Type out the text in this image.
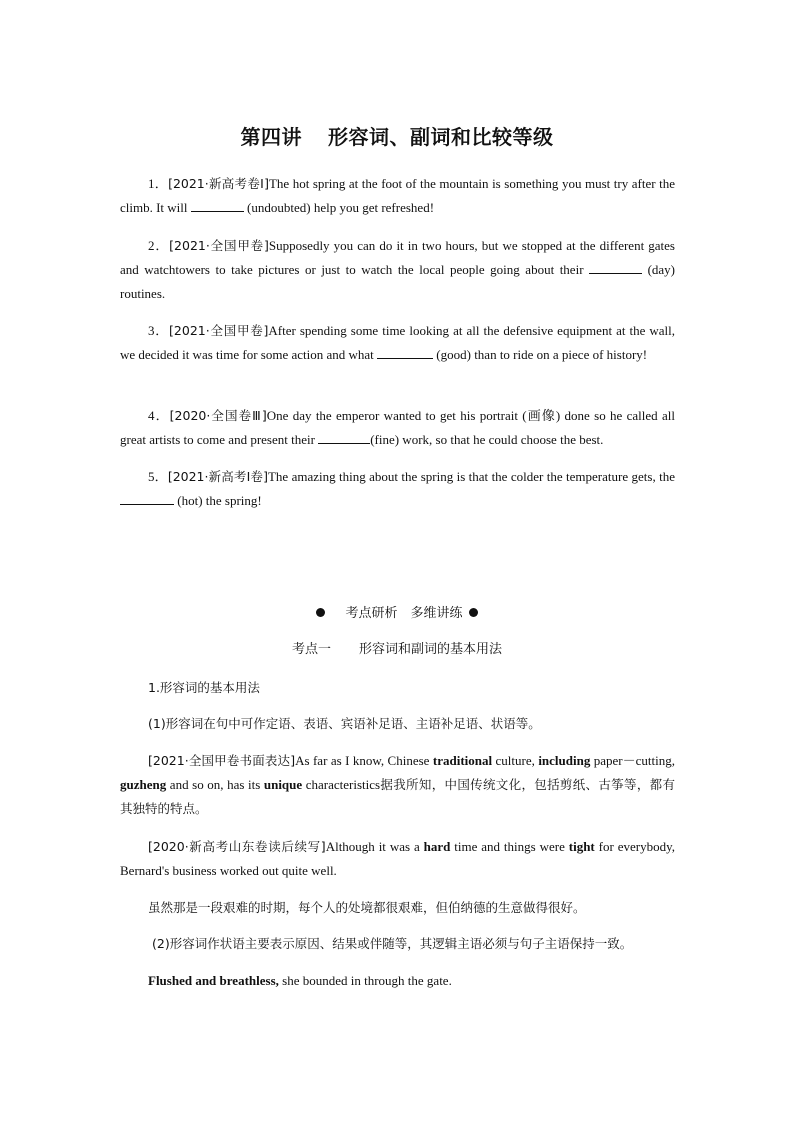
第四讲 形容词、副词和比较等级
1．[2021·新高考卷Ⅰ]The hot spring at the foot of the mountain is something you must try after the climb. It will	(undoubted) help you get refreshed!
2．[2021·全国甲卷]Supposedly you can do it in two hours, but we stopped at the different gates and watchtowers to take pictures or just to watch the local people going about their	(day) routines.
3．[2021·全国甲卷]After spending some time looking at all the defensive equipment at the wall, we decided it was time for some action and what	(good) than to ride on a piece of history!
4．[2020·全国卷Ⅲ]One day the emperor wanted to get his portrait (画像) done so he called all great artists to come and present their	(fine) work, so that he could choose the best.
5．[2021·新高考Ⅰ卷]The amazing thing about the spring is that the colder the temperature gets, the  (hot) the spring!
考点研析　多维讲练
考点一 形容词和副词的基本用法
1.形容词的基本用法
(1)形容词在句中可作定语、表语、宾语补足语、主语补足语、状语等。
[2021·全国甲卷书面表达]As far as I know, Chinese traditional culture, including paper－cutting, guzheng and so on, has its unique characteristics据我所知，中国传统文化，包括剪纸、古筝等，都有其独特的特点。
[2020·新高考山东卷读后续写]Although it was a hard time and things were tight for everybody, Bernard's business worked out quite well.
虽然那是一段艰难的时期，每个人的处境都很艰难，但伯纳德的生意做得很好。
(2)形容词作状语主要表示原因、结果或伴随等，其逻辑主语必须与句子主语保持一致。
Flushed and breathless, she bounded in through the gate.
